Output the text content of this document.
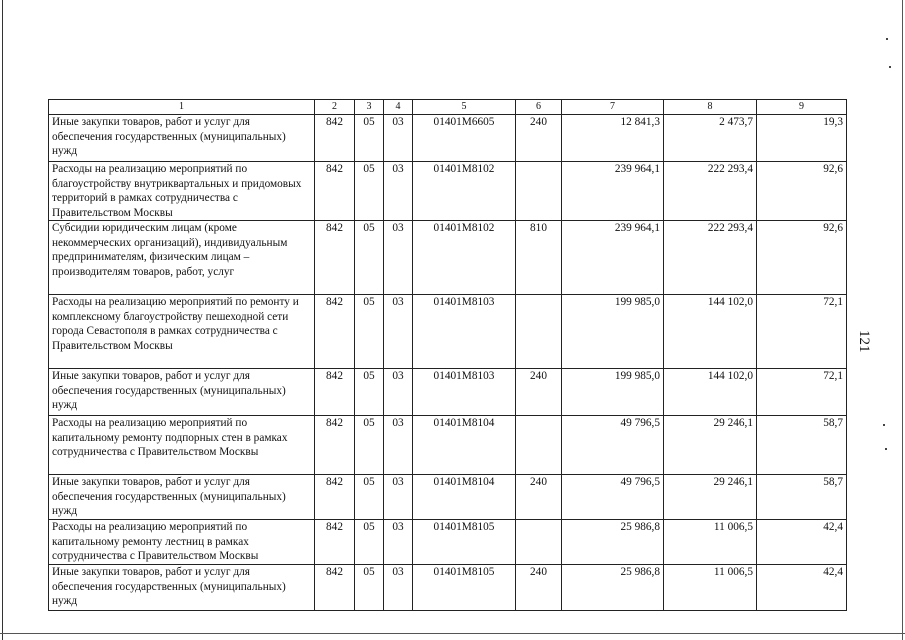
121
1	2	3	4	5	6	7	8	9
Иные закупки товаров, работ и услуг для обеспечения государственных (муниципальных) нужд	842	05	03	01401M6605	240	12 841,3	2 473,7	19,3
Расходы на реализацию мероприятий по благоустройству внутриквартальных и придомовых территорий в рамках сотрудничества с Правительством Москвы	842	05	03	01401M8102		239 964,1	222 293,4	92,6
Субсидии юридическим лицам (кроме некоммерческих организаций), индивидуальным предпринимателям, физическим лицам – производителям товаров, работ, услуг	842	05	03	01401M8102	810	239 964,1	222 293,4	92,6
Расходы на реализацию мероприятий по ремонту и комплексному благоустройству пешеходной сети города Севастополя в рамках сотрудничества с Правительством Москвы	842	05	03	01401M8103		199 985,0	144 102,0	72,1
Иные закупки товаров, работ и услуг для обеспечения государственных (муниципальных) нужд	842	05	03	01401M8103	240	199 985,0	144 102,0	72,1
Расходы на реализацию мероприятий по капитальному ремонту подпорных стен в рамках сотрудничества с Правительством Москвы	842	05	03	01401M8104		49 796,5	29 246,1	58,7
Иные закупки товаров, работ и услуг для обеспечения государственных (муниципальных) нужд	842	05	03	01401M8104	240	49 796,5	29 246,1	58,7
Расходы на реализацию мероприятий по капитальному ремонту лестниц в рамках сотрудничества с Правительством Москвы	842	05	03	01401M8105		25 986,8	11 006,5	42,4
Иные закупки товаров, работ и услуг для обеспечения государственных (муниципальных) нужд	842	05	03	01401M8105	240	25 986,8	11 006,5	42,4
